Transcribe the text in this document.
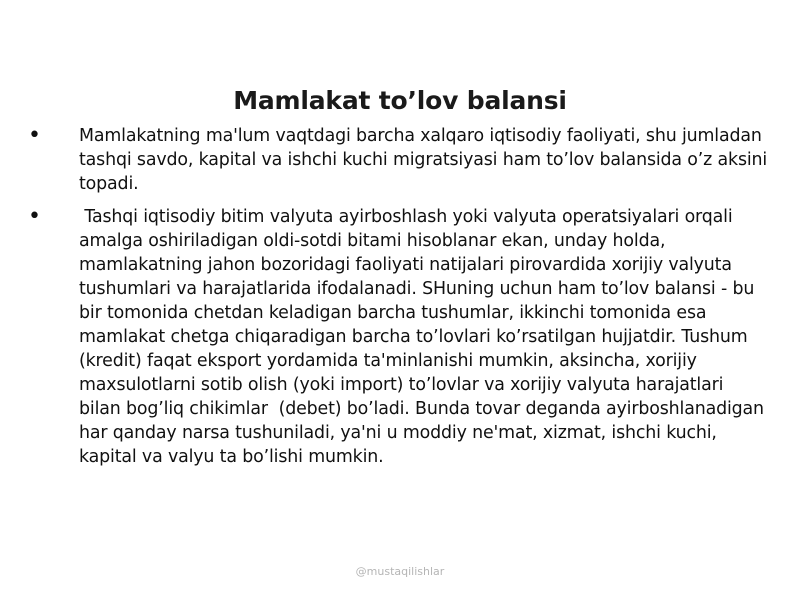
Mamlakat to’lov balansi
•	Mamlakatning ma'lum vaqtdagi barcha xalqaro iqtisodiy faoliyati, shu jumladan tashqi savdo, kapital va ishchi kuchi migratsiyasi ham to’lov balansida o’z aksini topadi.
•	Tashqi iqtisodiy bitim valyuta ayirboshlash yoki valyuta operatsiyalari orqali amalga oshiriladigan oldi-sotdi bitami hisoblanar ekan, unday holda, mamlakatning jahon bozoridagi faoliyati natijalari pirovardida xorijiy valyuta tushumlari va harajatlarida ifodalanadi. SHuning uchun ham to’lov balansi - bu bir tomonida chetdan keladigan barcha tushumlar, ikkinchi tomonida esa mamlakat chetga chiqaradigan barcha to’lovlari ko’rsatilgan hujjatdir. Tushum (kredit) faqat eksport yordamida ta'minlanishi mumkin, aksincha, xorijiy maxsulotlarni sotib olish (yoki import) to’lovlar va xorijiy valyuta harajatlari bilan bog’liq chikimlar  (debet) bo’ladi. Bunda tovar deganda ayirboshlanadigan har qanday narsa tushuniladi, ya'ni u moddiy ne'mat, xizmat, ishchi kuchi, kapital va valyu ta bo’lishi mumkin.
@mustaqilishlar
